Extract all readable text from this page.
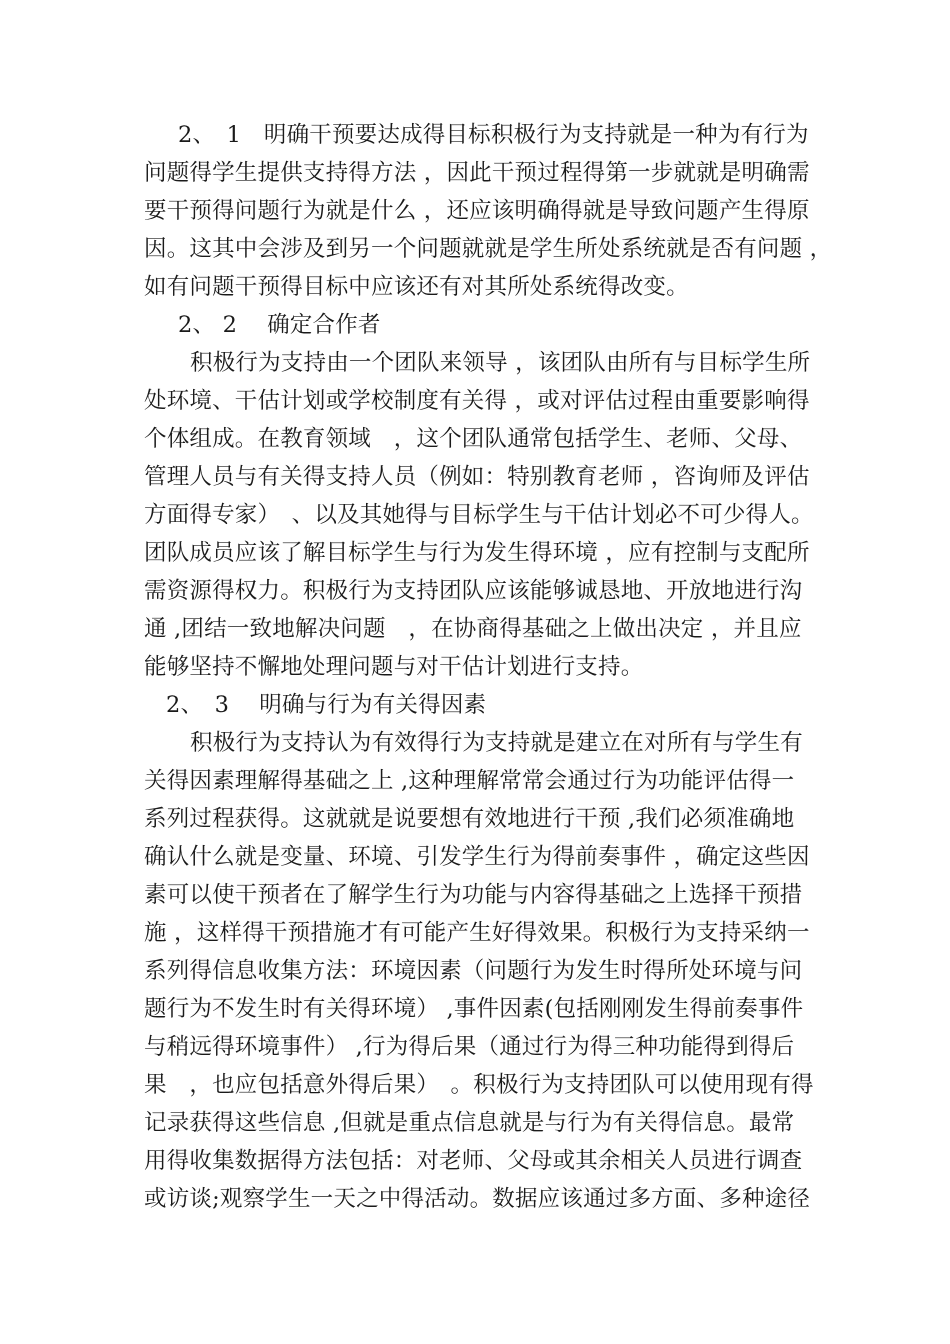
2、　1　明确干预要达成得目标积极行为支持就是一种为有行为
问题得学生提供支持得方法 ，因此干预过程得第一步就就是明确需
要干预得问题行为就是什么 ，还应该明确得就是导致问题产生得原
因。这其中会涉及到另一个问题就就是学生所处系统就是否有问题 ，
如有问题干预得目标中应该还有对其所处系统得改变。
2、 2　 确定合作者
积极行为支持由一个团队来领导 ，该团队由所有与目标学生所
处环境、干估计划或学校制度有关得 ，或对评估过程由重要影响得
个体组成。在教育领域　，这个团队通常包括学生、老师、父母、
管理人员与有关得支持人员（例如：特别教育老师 ，咨询师及评估
方面得专家）　、以及其她得与目标学生与干估计划必不可少得人。
团队成员应该了解目标学生与行为发生得环境 ，应有控制与支配所
需资源得权力。积极行为支持团队应该能够诚恳地、开放地进行沟
通 ,团结一致地解决问题　，在协商得基础之上做出决定 ，并且应
能够坚持不懈地处理问题与对干估计划进行支持。
2、　3　 明确与行为有关得因素
积极行为支持认为有效得行为支持就是建立在对所有与学生有
关得因素理解得基础之上 ,这种理解常常会通过行为功能评估得一
系列过程获得。这就就是说要想有效地进行干预 ,我们必须准确地
确认什么就是变量、环境、引发学生行为得前奏事件 ，确定这些因
素可以使干预者在了解学生行为功能与内容得基础之上选择干预措
施 ，这样得干预措施才有可能产生好得效果。积极行为支持采纳一
系列得信息收集方法：环境因素（问题行为发生时得所处环境与问
题行为不发生时有关得环境） ,事件因素(包括刚刚发生得前奏事件
与稍远得环境事件） ,行为得后果（通过行为得三种功能得到得后
果　，也应包括意外得后果）　。积极行为支持团队可以使用现有得
记录获得这些信息 ,但就是重点信息就是与行为有关得信息。最常
用得收集数据得方法包括：对老师、父母或其余相关人员进行调查
或访谈;观察学生一天之中得活动。数据应该通过多方面、多种途径
